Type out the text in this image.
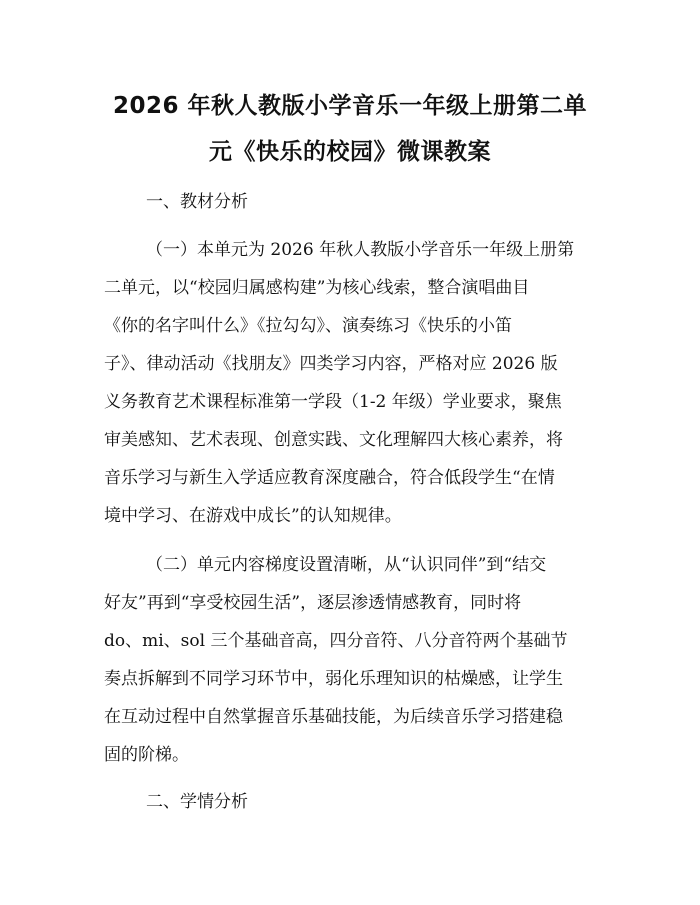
2026 年秋人教版小学音乐一年级上册第二单
元《快乐的校园》微课教案

一、教材分析

（一）本单元为 2026 年秋人教版小学音乐一年级上册第

二单元，以“校园归属感构建”为核心线索，整合演唱曲目

《你的名字叫什么》《拉勾勾》、演奏练习《快乐的小笛

子》、律动活动《找朋友》四类学习内容，严格对应 2026 版

义务教育艺术课程标准第一学段（1-2 年级）学业要求，聚焦

审美感知、艺术表现、创意实践、文化理解四大核心素养，将

音乐学习与新生入学适应教育深度融合，符合低段学生“在情

境中学习、在游戏中成长”的认知规律。

（二）单元内容梯度设置清晰，从“认识同伴”到“结交

好友”再到“享受校园生活”，逐层渗透情感教育，同时将

do、mi、sol 三个基础音高，四分音符、八分音符两个基础节

奏点拆解到不同学习环节中，弱化乐理知识的枯燥感，让学生

在互动过程中自然掌握音乐基础技能，为后续音乐学习搭建稳

固的阶梯。

二、学情分析
